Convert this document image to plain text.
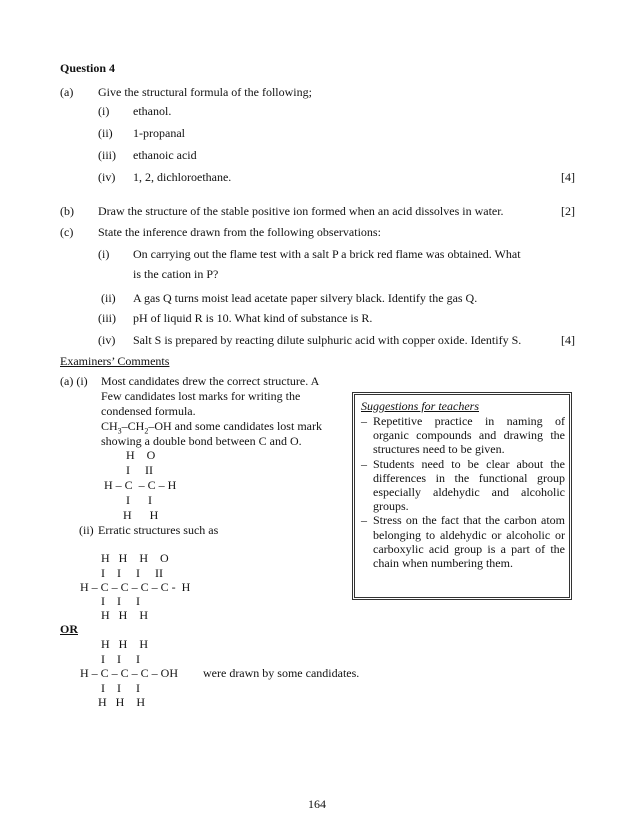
Question 4
(a) Give the structural formula of the following;
(i) ethanol.
(ii) 1-propanal
(iii) ethanoic acid
(iv) 1, 2, dichloroethane.	[4]
(b) Draw the structure of the stable positive ion formed when an acid dissolves in water.	[2]
(c) State the inference drawn from the following observations:
(i) On carrying out the flame test with a salt P a brick red flame was obtained. What
is the cation in P?
(ii) A gas Q turns moist lead acetate paper silvery black. Identify the gas Q.
(iii) pH of liquid R is 10. What kind of substance is R.
(iv) Salt S is prepared by reacting dilute sulphuric acid with copper oxide. Identify S.	[4]
Examiners’ Comments
(a) (i) Most candidates drew the correct structure. A
Few candidates lost marks for writing the
condensed formula.
$CH_3-CH_2-OH$ and some candidates lost mark
showing a double bond between C and O.
H    O
I     II
H – C  – C – H
I      I
H      H
(ii) Erratic structures such as
H   H    H    O
I    I     I     II
H – C – C – C – C -  H
I    I     I
H   H    H
OR
H   H    H
I    I     I
H – C – C – C – OH were drawn by some candidates.
I    I     I
H   H    H
Suggestions for teachers
– Repetitive practice in naming of organic compounds and drawing the structures need to be given.
– Students need to be clear about the differences in the functional group especially aldehydic and alcoholic groups.
– Stress on the fact that the carbon atom belonging to aldehydic or alcoholic or carboxylic acid group is a part of the chain when numbering them.
164
